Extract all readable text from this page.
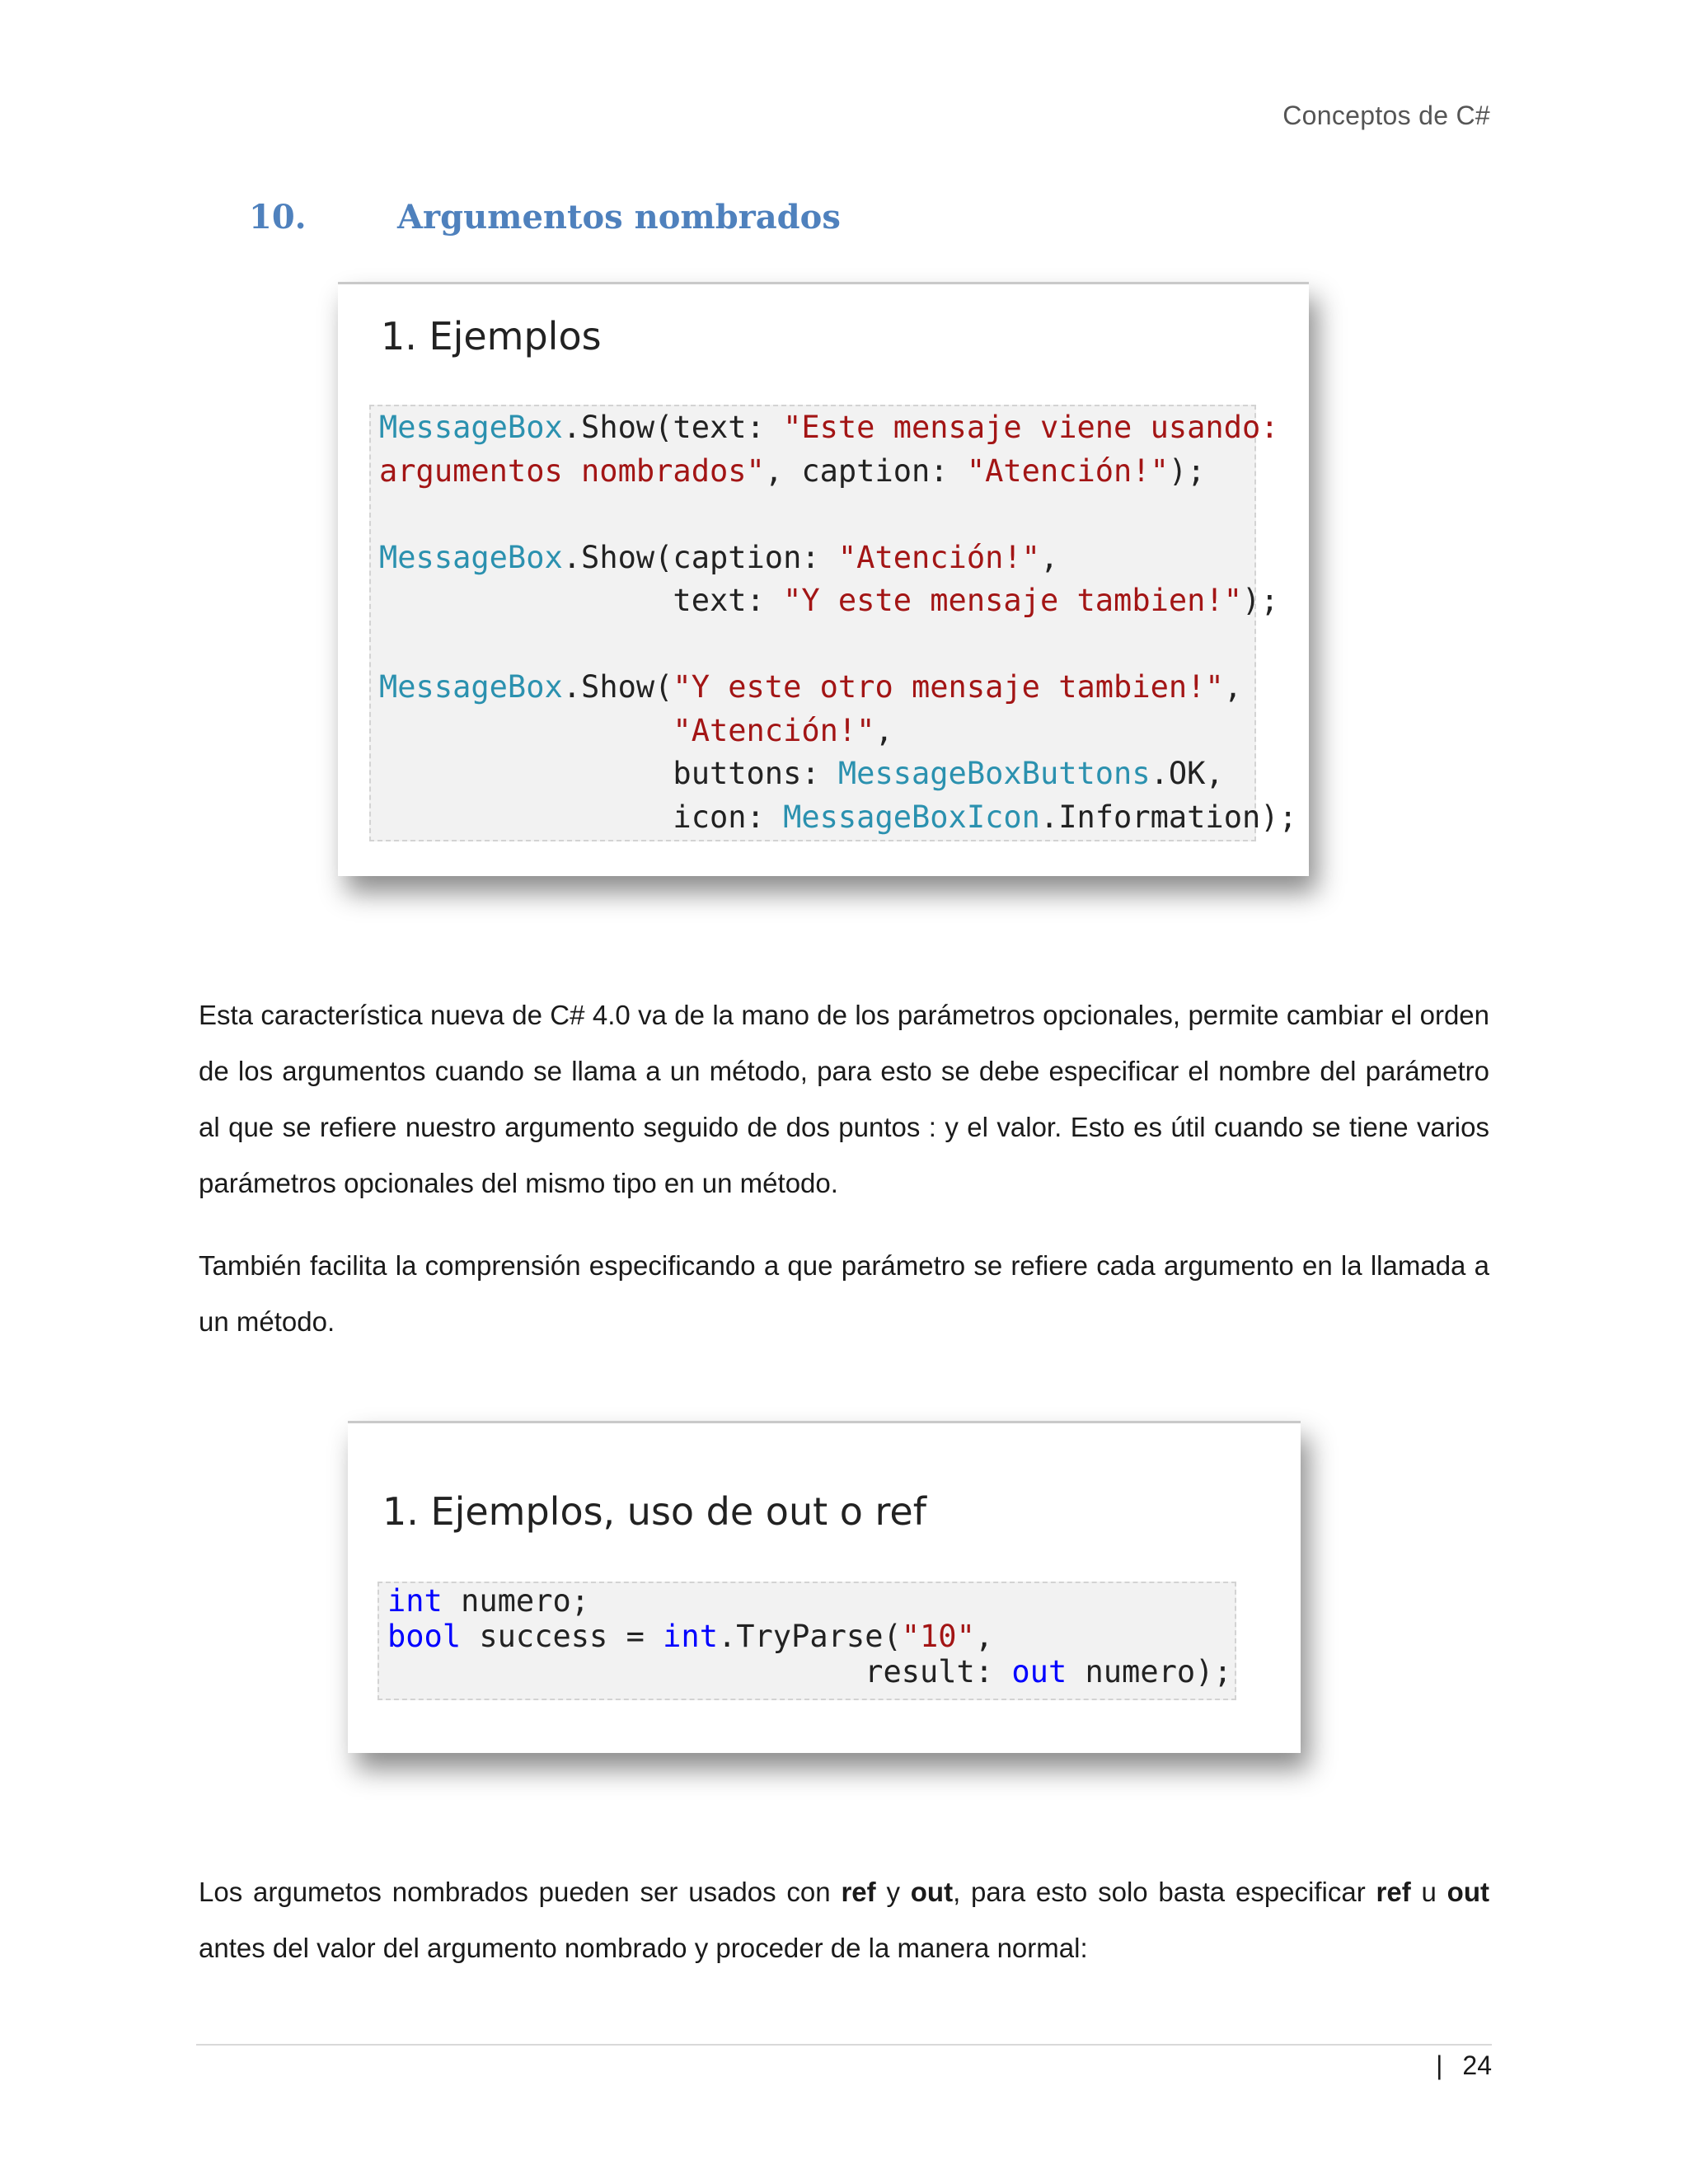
Conceptos de C#
10.	Argumentos nombrados
1. Ejemplos
MessageBox.Show(text: "Este mensaje viene usando:
argumentos nombrados", caption: "Atención!");

MessageBox.Show(caption: "Atención!",
text: "Y este mensaje tambien!");

MessageBox.Show("Y este otro mensaje tambien!",
"Atención!",
buttons: MessageBoxButtons.OK,
icon: MessageBoxIcon.Information);
Esta característica nueva de C# 4.0 va de la mano de los parámetros opcionales, permite cambiar el orden de los argumentos cuando se llama a un método, para esto se debe especificar el nombre del parámetro al que se refiere nuestro argumento seguido de dos puntos : y el valor. Esto es útil cuando se tiene varios parámetros opcionales del mismo tipo en un método.
También facilita la comprensión especificando a que parámetro se refiere cada argumento en la llamada a un método.
1. Ejemplos, uso de out o ref
int numero;
bool success = int.TryParse("10",
result: out numero);
Los argumetos nombrados pueden ser usados con ref y out, para esto solo basta especificar ref u out antes del valor del argumento nombrado y proceder de la manera normal:
| 24
